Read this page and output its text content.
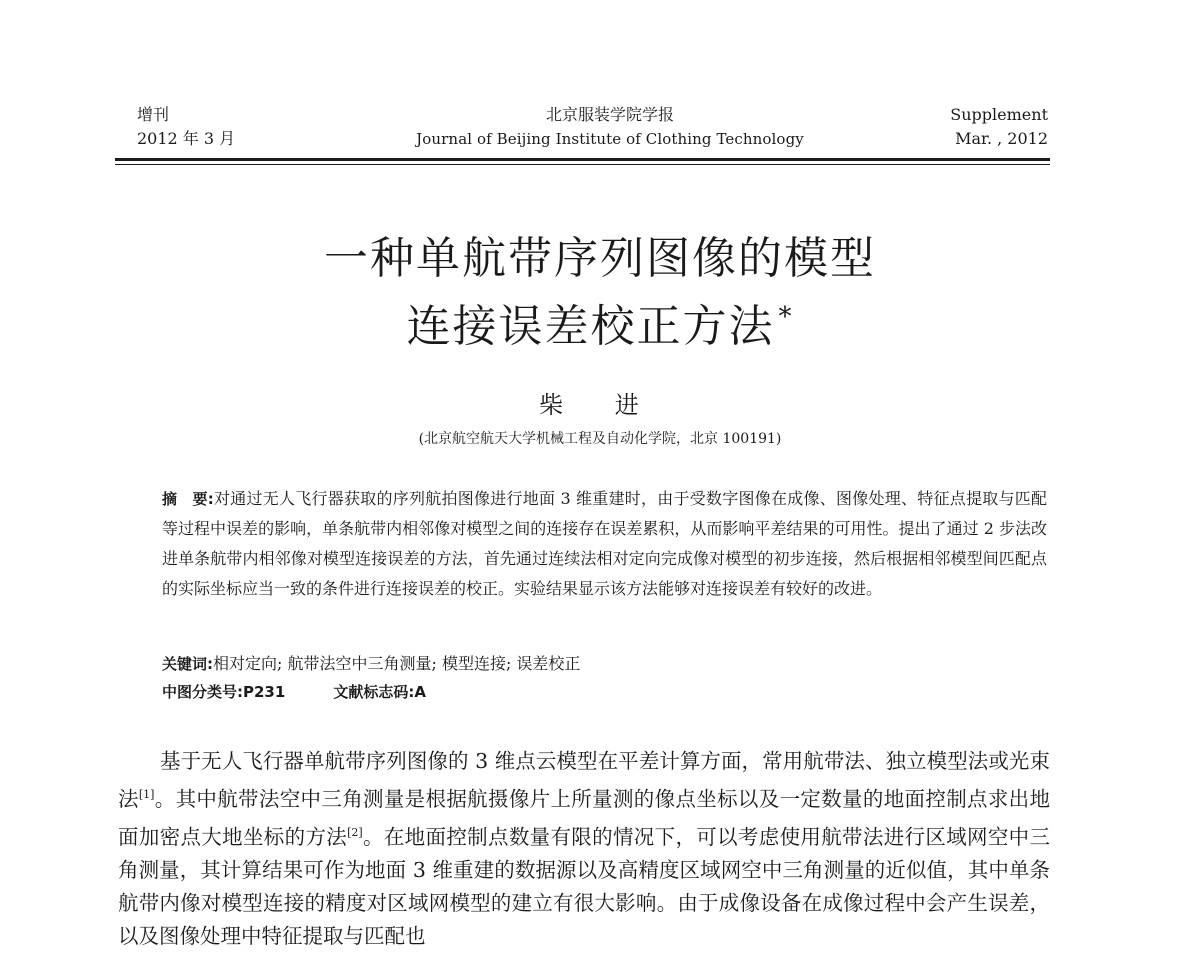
增刊
2012 年 3 月
北京服装学院学报
Journal of Beijing Institute of Clothing Technology
Supplement
Mar. , 2012
一种单航带序列图像的模型
连接误差校正方法 *
柴 进
(北京航空航天大学机械工程及自动化学院，北京 100191)
摘　要:对通过无人飞行器获取的序列航拍图像进行地面 3 维重建时，由于受数字图像在成像、图像处理、特征点提取与匹配等过程中误差的影响，单条航带内相邻像对模型之间的连接存在误差累积，从而影响平差结果的可用性。提出了通过 2 步法改进单条航带内相邻像对模型连接误差的方法，首先通过连续法相对定向完成像对模型的初步连接，然后根据相邻模型间匹配点的实际坐标应当一致的条件进行连接误差的校正。实验结果显示该方法能够对连接误差有较好的改进。
关键词:相对定向; 航带法空中三角测量; 模型连接; 误差校正
中图分类号:P231	文献标志码:A
基于无人飞行器单航带序列图像的 3 维点云模型在平差计算方面，常用航带法、独立模型法或光束法[1]。其中航带法空中三角测量是根据航摄像片上所量测的像点坐标以及一定数量的地面控制点求出地面加密点大地坐标的方法[2]。在地面控制点数量有限的情况下，可以考虑使用航带法进行区域网空中三角测量，其计算结果可作为地面 3 维重建的数据源以及高精度区域网空中三角测量的近似值，其中单条航带内像对模型连接的精度对区域网模型的建立有很大影响。由于成像设备在成像过程中会产生误差，以及图像处理中特征提取与匹配也
